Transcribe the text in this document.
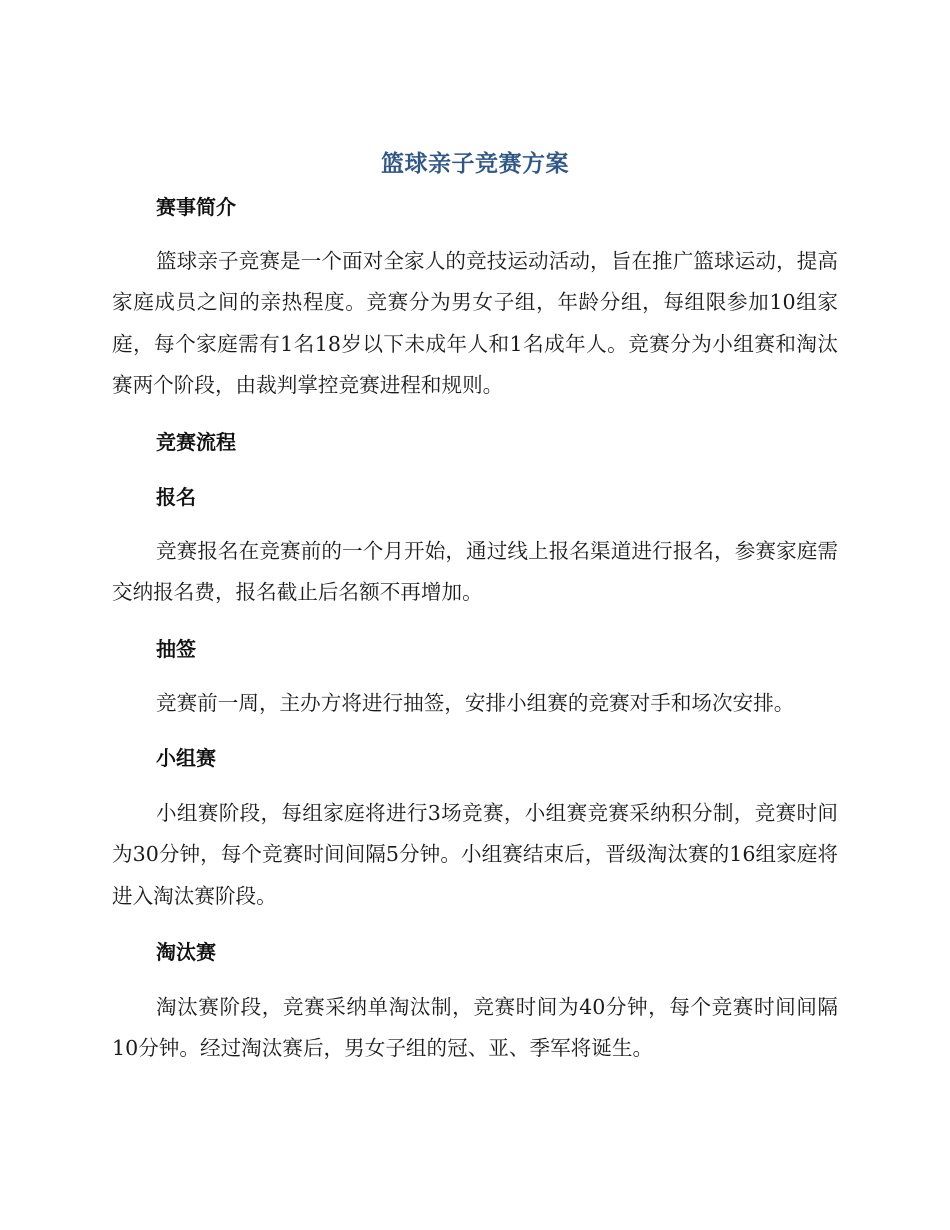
篮球亲子竞赛方案
赛事简介

篮球亲子竞赛是一个面对全家人的竞技运动活动，旨在推广篮球运动，提高家庭成员之间的亲热程度。竞赛分为男女子组，年龄分组，每组限参加10组家庭，每个家庭需有1名18岁以下未成年人和1名成年人。竞赛分为小组赛和淘汰赛两个阶段，由裁判掌控竞赛进程和规则。

竞赛流程
报名

竞赛报名在竞赛前的一个月开始，通过线上报名渠道进行报名，参赛家庭需交纳报名费，报名截止后名额不再增加。

抽签

竞赛前一周，主办方将进行抽签，安排小组赛的竞赛对手和场次安排。

小组赛

小组赛阶段，每组家庭将进行3场竞赛，小组赛竞赛采纳积分制，竞赛时间为30分钟，每个竞赛时间间隔5分钟。小组赛结束后，晋级淘汰赛的16组家庭将进入淘汰赛阶段。

淘汰赛

淘汰赛阶段，竞赛采纳单淘汰制，竞赛时间为40分钟，每个竞赛时间间隔10分钟。经过淘汰赛后，男女子组的冠、亚、季军将诞生。
